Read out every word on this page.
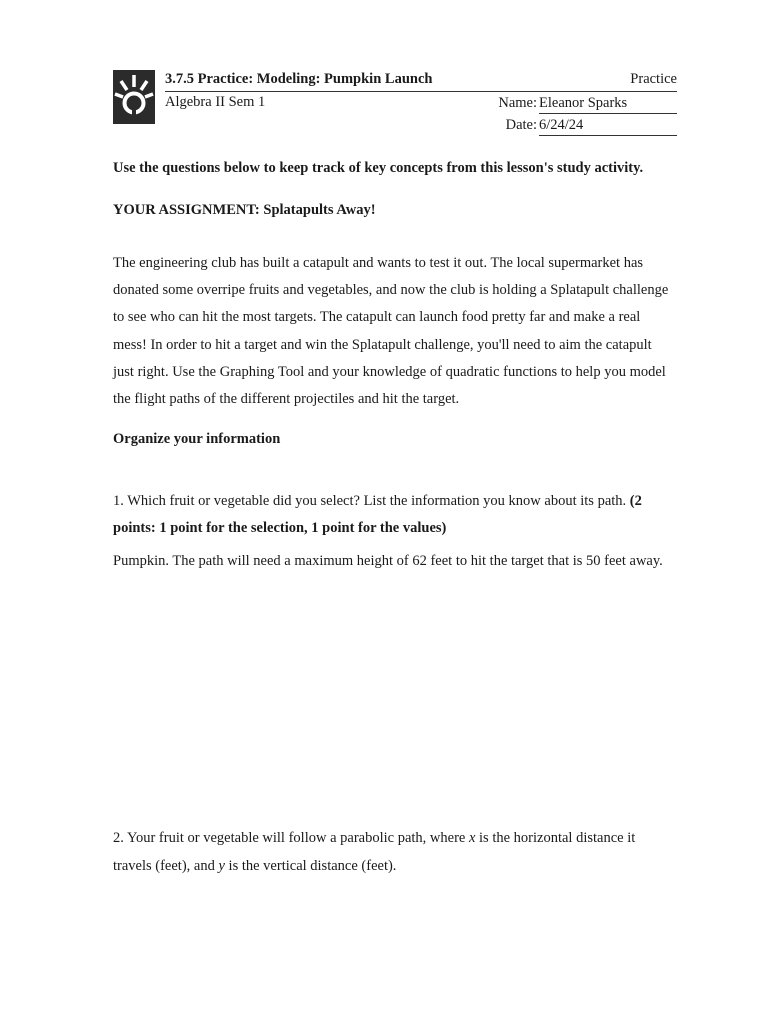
3.7.5 Practice: Modeling: Pumpkin Launch	Practice
Algebra II Sem 1	Name: Eleanor Sparks
Date: 6/24/24
Use the questions below to keep track of key concepts from this lesson's study activity.
YOUR ASSIGNMENT: Splatapults Away!
The engineering club has built a catapult and wants to test it out. The local supermarket has donated some overripe fruits and vegetables, and now the club is holding a Splatapult challenge to see who can hit the most targets. The catapult can launch food pretty far and make a real mess! In order to hit a target and win the Splatapult challenge, you'll need to aim the catapult just right. Use the Graphing Tool and your knowledge of quadratic functions to help you model the flight paths of the different projectiles and hit the target.
Organize your information
1. Which fruit or vegetable did you select? List the information you know about its path. (2 points: 1 point for the selection, 1 point for the values)
Pumpkin. The path will need a maximum height of 62 feet to hit the target that is 50 feet away.
2. Your fruit or vegetable will follow a parabolic path, where x is the horizontal distance it travels (feet), and y is the vertical distance (feet).
